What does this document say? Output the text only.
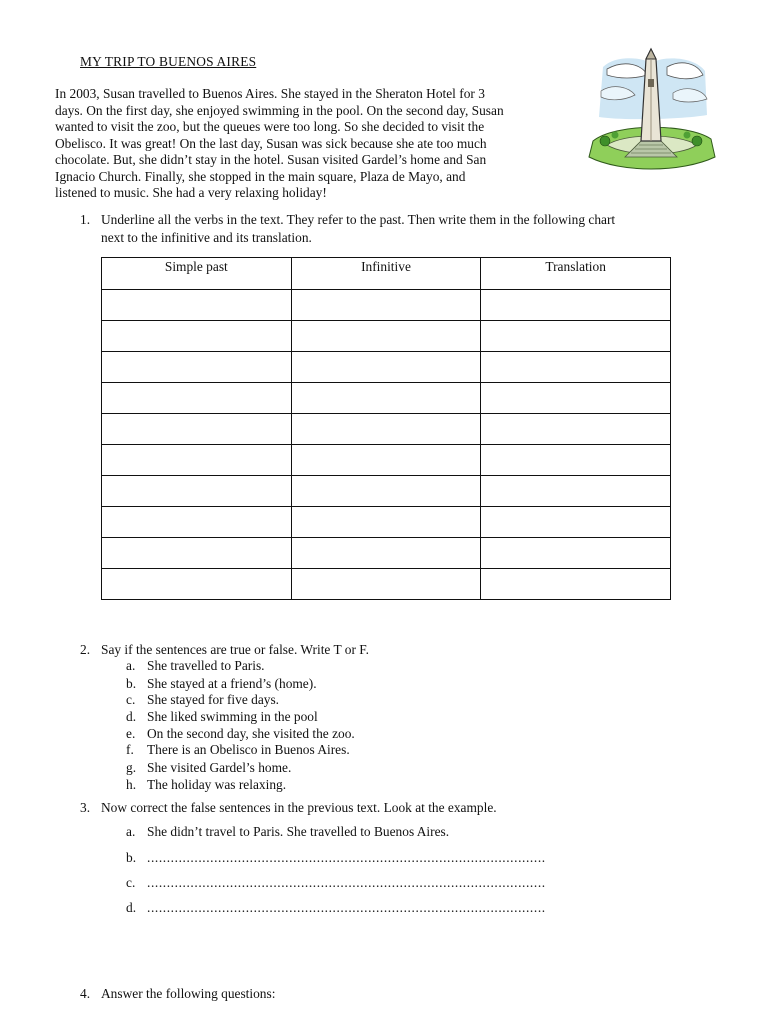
MY TRIP TO BUENOS AIRES
In 2003, Susan travelled to Buenos Aires. She stayed in the Sheraton Hotel for 3
days. On the first day, she enjoyed swimming in the pool. On the second day, Susan
wanted to visit the zoo, but the queues were too long. So she decided to visit the
Obelisco. It was great! On the last day, Susan was sick because she ate too much
chocolate. But, she didn’t stay in the hotel. Susan visited Gardel’s home and San
Ignacio Church. Finally, she stopped in the main square, Plaza de Mayo, and
listened to music. She had a very relaxing holiday!
1. Underline all the verbs in the text. They refer to the past. Then write them in the following chart
next to the infinitive and its translation.
Simple past	Infinitive	Translation

2. Say if the sentences are true or false. Write T or F.
a. She travelled to Paris.
b. She stayed at a friend’s (home).
c. She stayed for five days.
d. She liked swimming in the pool
e. On the second day, she visited the zoo.
f. There is an Obelisco in Buenos Aires.
g. She visited Gardel’s home.
h. The holiday was relaxing.
3. Now correct the false sentences in the previous text. Look at the example.
a. She didn’t travel to Paris. She travelled to Buenos Aires.
b. .....................................................................................................
c. .....................................................................................................
d. .....................................................................................................
4. Answer the following questions:
